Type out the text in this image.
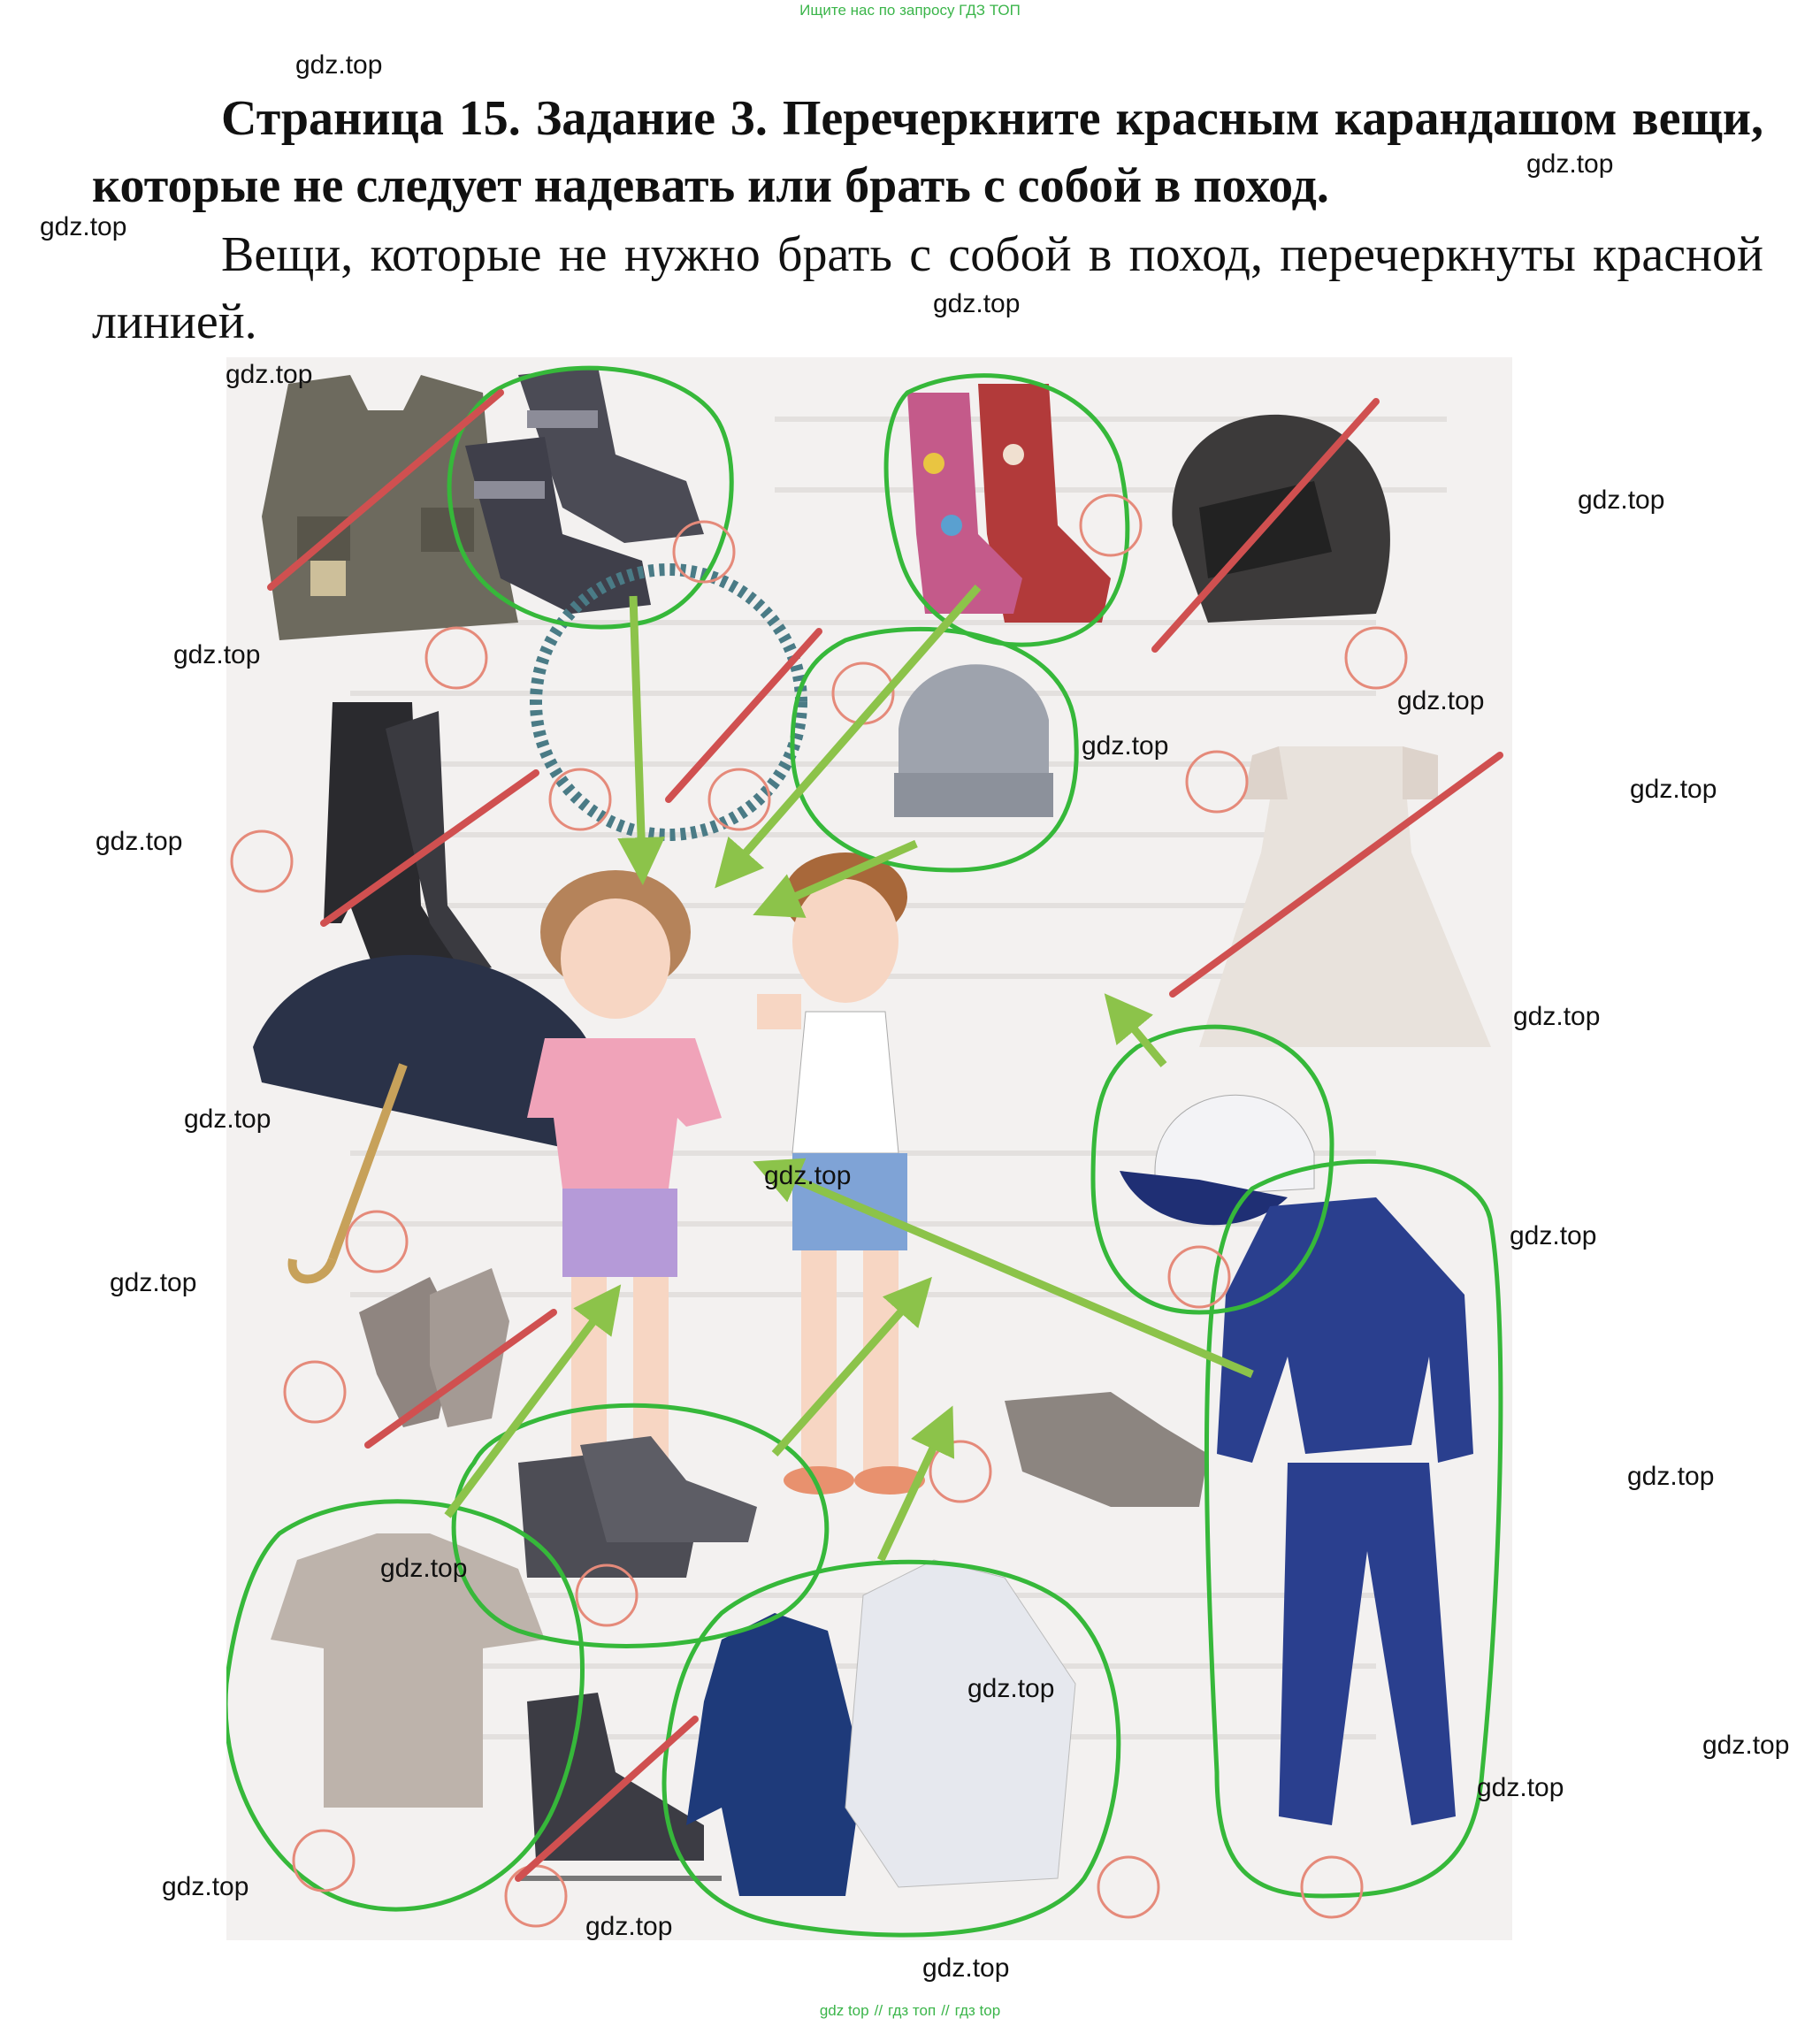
Ищите нас по запросу ГДЗ ТОП
Страница 15. Задание 3. Перечеркните красным карандашом вещи, которые не следует надевать или брать с собой в поход.
Вещи, которые не нужно брать с собой в поход, перечеркнуты красной линией.
gdz.top
gdz.top
gdz.top
gdz.top
gdz.top
gdz.top
gdz.top
gdz.top
gdz.top
gdz.top
gdz.top
gdz.top
gdz.top
gdz.top
gdz.top
gdz.top
gdz.top
gdz.top
gdz.top
gdz.top
gdz.top
gdz.top
gdz.top
gdz.top
gdz top // гдз топ // гдз top
